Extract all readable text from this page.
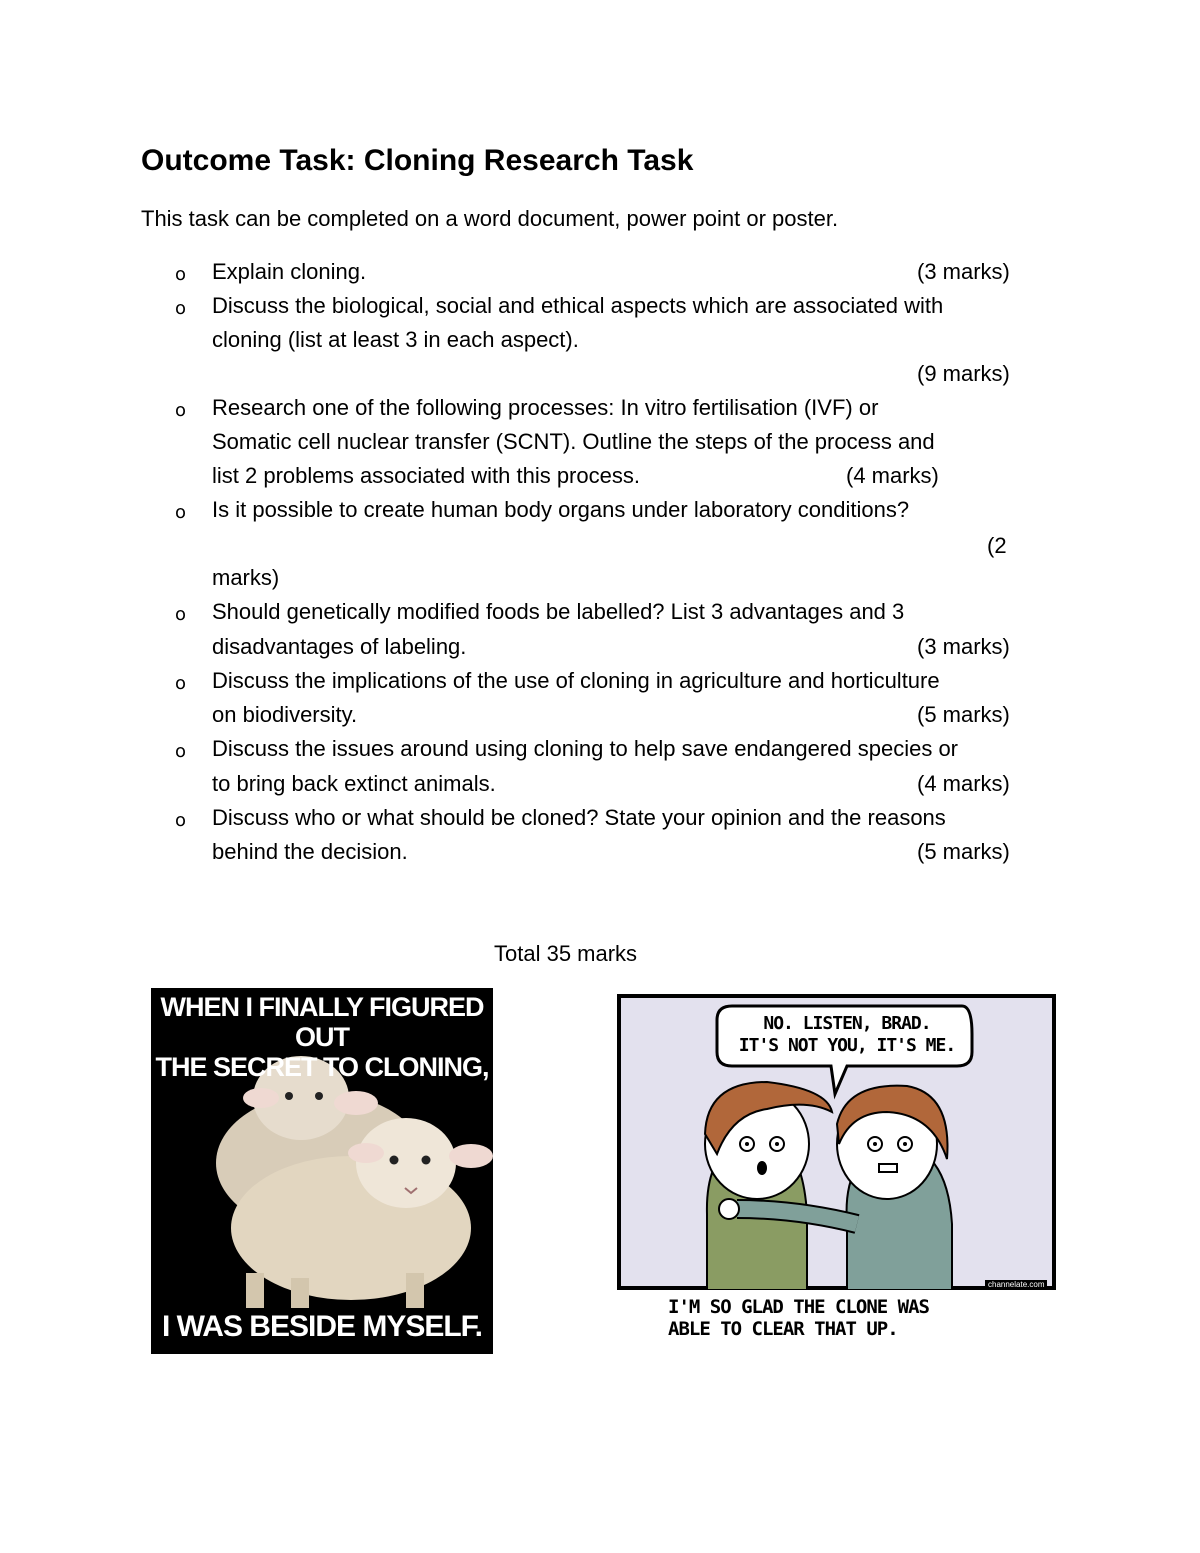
Outcome Task: Cloning Research Task
This task can be completed on a word document, power point or poster.
o Explain cloning.	(3 marks)
o Discuss the biological, social and ethical aspects which are associated with
cloning (list at least 3 in each aspect).
(9 marks)
o Research one of the following processes: In vitro fertilisation (IVF) or
Somatic cell nuclear transfer (SCNT). Outline the steps of the process and
list 2 problems associated with this process.	(4 marks)
o Is it possible to create human body organs under laboratory conditions?
(2
marks)
o Should genetically modified foods be labelled? List 3 advantages and 3
disadvantages of labeling.	(3 marks)
o Discuss the implications of the use of cloning in agriculture and horticulture
on biodiversity.	(5 marks)
o Discuss the issues around using cloning to help save endangered species or
to bring back extinct animals.	(4 marks)
o Discuss who or what should be cloned? State your opinion and the reasons
behind the decision.	(5 marks)
Total 35 marks
WHEN I FINALLY FIGURED OUT
THE SECRET TO CLONING,
I WAS BESIDE MYSELF.
NO. LISTEN, BRAD.
IT'S NOT YOU, IT'S ME.
channelate.com
I'M SO GLAD THE CLONE WAS
ABLE TO CLEAR THAT UP.
